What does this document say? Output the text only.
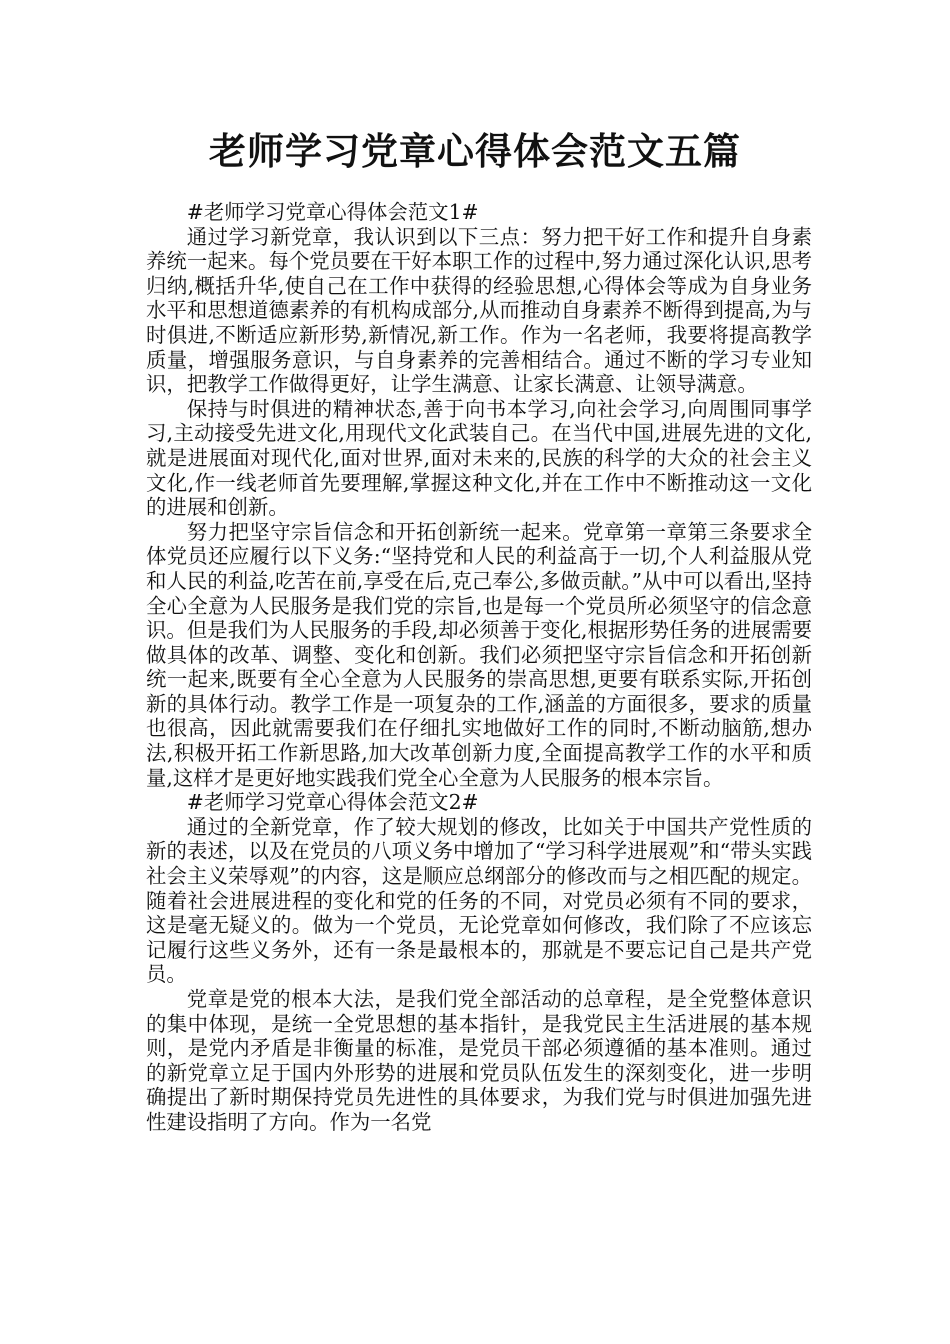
老师学习党章心得体会范文五篇

#老师学习党章心得体会范文1#

通过学习新党章，我认识到以下三点：努力把干好工作和提升自身素养统一起来。每个党员要在干好本职工作的过程中,努力通过深化认识,思考归纳,概括升华,使自己在工作中获得的经验思想,心得体会等成为自身业务水平和思想道德素养的有机构成部分,从而推动自身素养不断得到提高,为与时俱进,不断适应新形势,新情况,新工作。作为一名老师，我要将提高教学质量，增强服务意识，与自身素养的完善相结合。通过不断的学习专业知识，把教学工作做得更好，让学生满意、让家长满意、让领导满意。

保持与时俱进的精神状态,善于向书本学习,向社会学习,向周围同事学习,主动接受先进文化,用现代文化武装自己。在当代中国,进展先进的文化,就是进展面对现代化,面对世界,面对未来的,民族的科学的大众的社会主义文化,作一线老师首先要理解,掌握这种文化,并在工作中不断推动这一文化的进展和创新。

努力把坚守宗旨信念和开拓创新统一起来。党章第一章第三条要求全体党员还应履行以下义务:“坚持党和人民的利益高于一切,个人利益服从党和人民的利益,吃苦在前,享受在后,克己奉公,多做贡献。”从中可以看出,坚持全心全意为人民服务是我们党的宗旨,也是每一个党员所必须坚守的信念意识。但是我们为人民服务的手段,却必须善于变化,根据形势任务的进展需要做具体的改革、调整、变化和创新。我们必须把坚守宗旨信念和开拓创新统一起来,既要有全心全意为人民服务的崇高思想,更要有联系实际,开拓创新的具体行动。教学工作是一项复杂的工作,涵盖的方面很多，要求的质量也很高，因此就需要我们在仔细扎实地做好工作的同时,不断动脑筋,想办法,积极开拓工作新思路,加大改革创新力度,全面提高教学工作的水平和质量,这样才是更好地实践我们党全心全意为人民服务的根本宗旨。

#老师学习党章心得体会范文2#

通过的全新党章，作了较大规划的修改，比如关于中国共产党性质的新的表述，以及在党员的八项义务中增加了“学习科学进展观”和“带头实践社会主义荣辱观”的内容，这是顺应总纲部分的修改而与之相匹配的规定。随着社会进展进程的变化和党的任务的不同，对党员必须有不同的要求，这是毫无疑义的。做为一个党员，无论党章如何修改，我们除了不应该忘记履行这些义务外，还有一条是最根本的，那就是不要忘记自己是共产党员。

党章是党的根本大法，是我们党全部活动的总章程，是全党整体意识的集中体现，是统一全党思想的基本指针，是我党民主生活进展的基本规则，是党内矛盾是非衡量的标准，是党员干部必须遵循的基本准则。通过的新党章立足于国内外形势的进展和党员队伍发生的深刻变化，进一步明确提出了新时期保持党员先进性的具体要求，为我们党与时俱进加强先进性建设指明了方向。作为一名党
